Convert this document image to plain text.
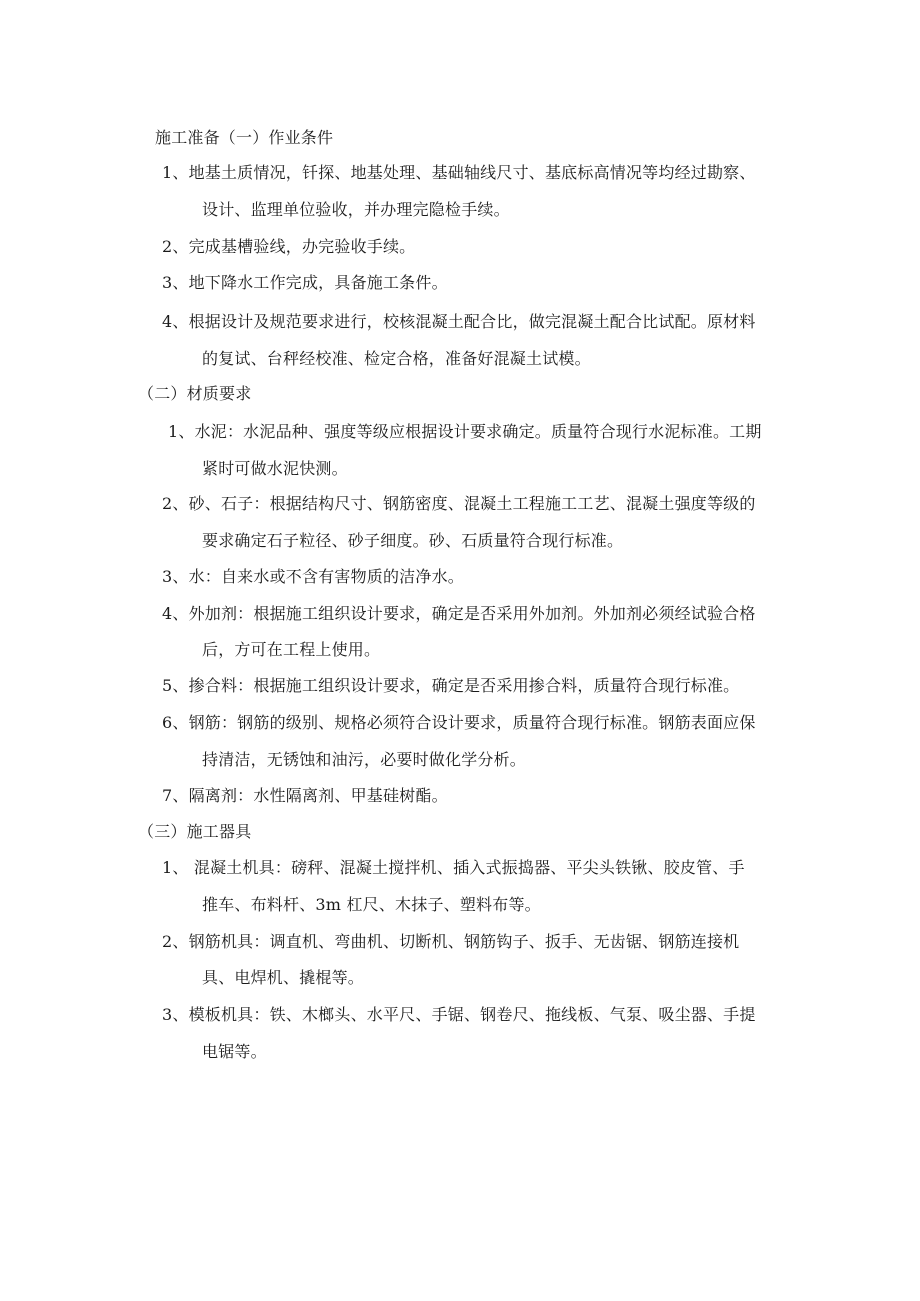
施工准备（一）作业条件
1、地基土质情况，钎探、地基处理、基础轴线尺寸、基底标高情况等均经过勘察、
设计、监理单位验收，并办理完隐检手续。
2、完成基槽验线，办完验收手续。
3、地下降水工作完成，具备施工条件。
4、根据设计及规范要求进行，校核混凝土配合比，做完混凝土配合比试配。原材料
的复试、台秤经校准、检定合格，准备好混凝土试模。
（二）材质要求
1、水泥：水泥品种、强度等级应根据设计要求确定。质量符合现行水泥标准。工期
紧时可做水泥快测。
2、砂、石子：根据结构尺寸、钢筋密度、混凝土工程施工工艺、混凝土强度等级的
要求确定石子粒径、砂子细度。砂、石质量符合现行标准。
3、水：自来水或不含有害物质的洁净水。
4、外加剂：根据施工组织设计要求，确定是否采用外加剂。外加剂必须经试验合格
后，方可在工程上使用。
5、掺合料：根据施工组织设计要求，确定是否采用掺合料，质量符合现行标准。
6、钢筋：钢筋的级别、规格必须符合设计要求，质量符合现行标准。钢筋表面应保
持清洁，无锈蚀和油污，必要时做化学分析。
7、隔离剂：水性隔离剂、甲基硅树酯。
（三）施工器具
1、 混凝土机具：磅秤、混凝土搅拌机、插入式振捣器、平尖头铁锹、胶皮管、手
推车、布料杆、3m 杠尺、木抹子、塑料布等。
2、钢筋机具：调直机、弯曲机、切断机、钢筋钩子、扳手、无齿锯、钢筋连接机
具、电焊机、撬棍等。
3、模板机具：铁、木榔头、水平尺、手锯、钢卷尺、拖线板、气泵、吸尘器、手提
电锯等。
